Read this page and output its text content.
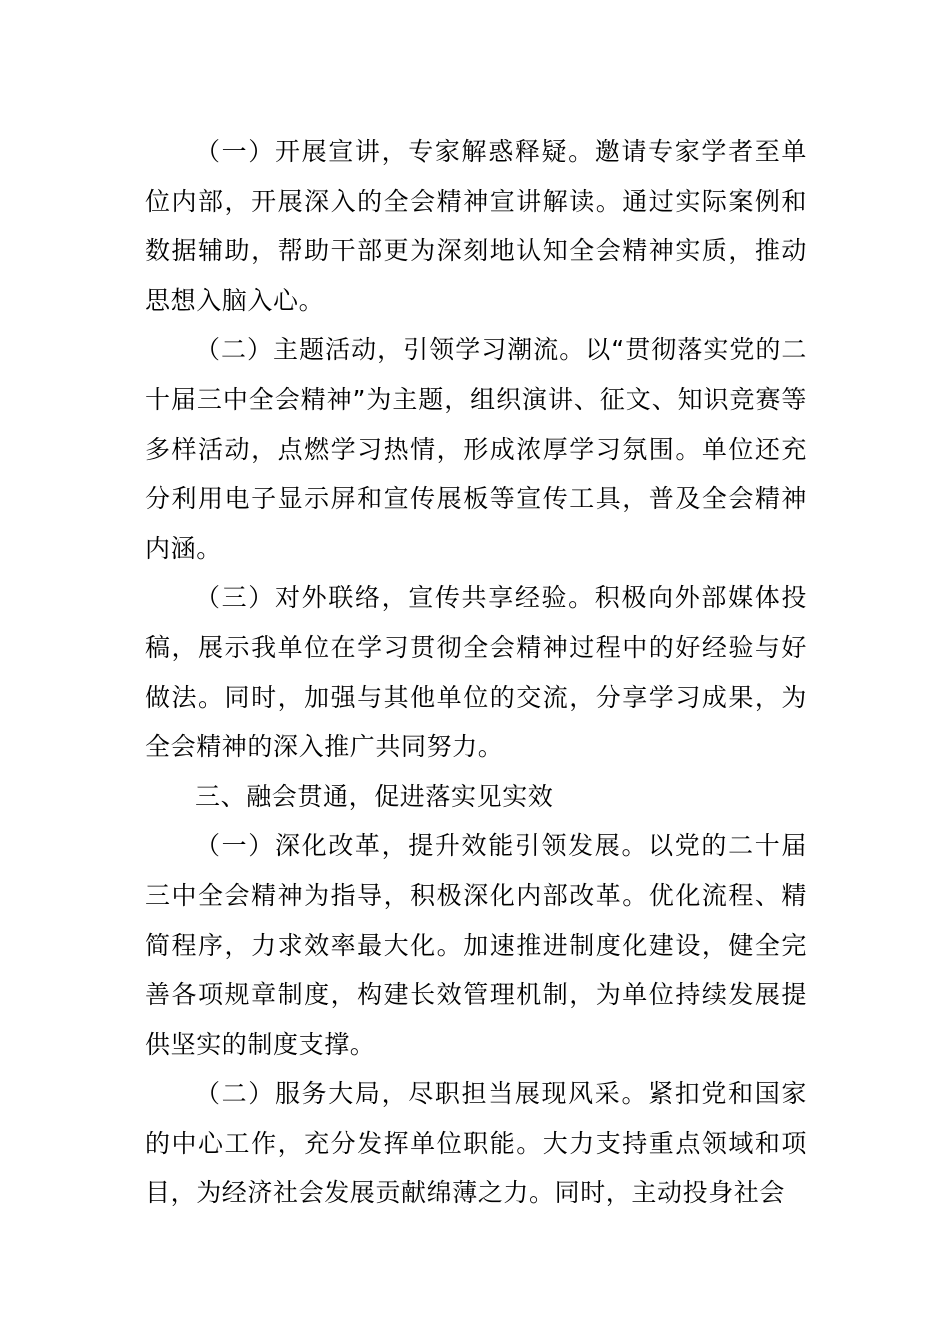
（一）开展宣讲，专家解惑释疑。邀请专家学者至单位内部，开展深入的全会精神宣讲解读。通过实际案例和数据辅助，帮助干部更为深刻地认知全会精神实质，推动思想入脑入心。

（二）主题活动，引领学习潮流。以“贯彻落实党的二十届三中全会精神”为主题，组织演讲、征文、知识竞赛等多样活动，点燃学习热情，形成浓厚学习氛围。单位还充分利用电子显示屏和宣传展板等宣传工具，普及全会精神内涵。

（三）对外联络，宣传共享经验。积极向外部媒体投稿，展示我单位在学习贯彻全会精神过程中的好经验与好做法。同时，加强与其他单位的交流，分享学习成果，为全会精神的深入推广共同努力。

三、融会贯通，促进落实见实效

（一）深化改革，提升效能引领发展。以党的二十届三中全会精神为指导，积极深化内部改革。优化流程、精简程序，力求效率最大化。加速推进制度化建设，健全完善各项规章制度，构建长效管理机制，为单位持续发展提供坚实的制度支撑。

（二）服务大局，尽职担当展现风采。紧扣党和国家的中心工作，充分发挥单位职能。大力支持重点领域和项目，为经济社会发展贡献绵薄之力。同时，主动投身社会
